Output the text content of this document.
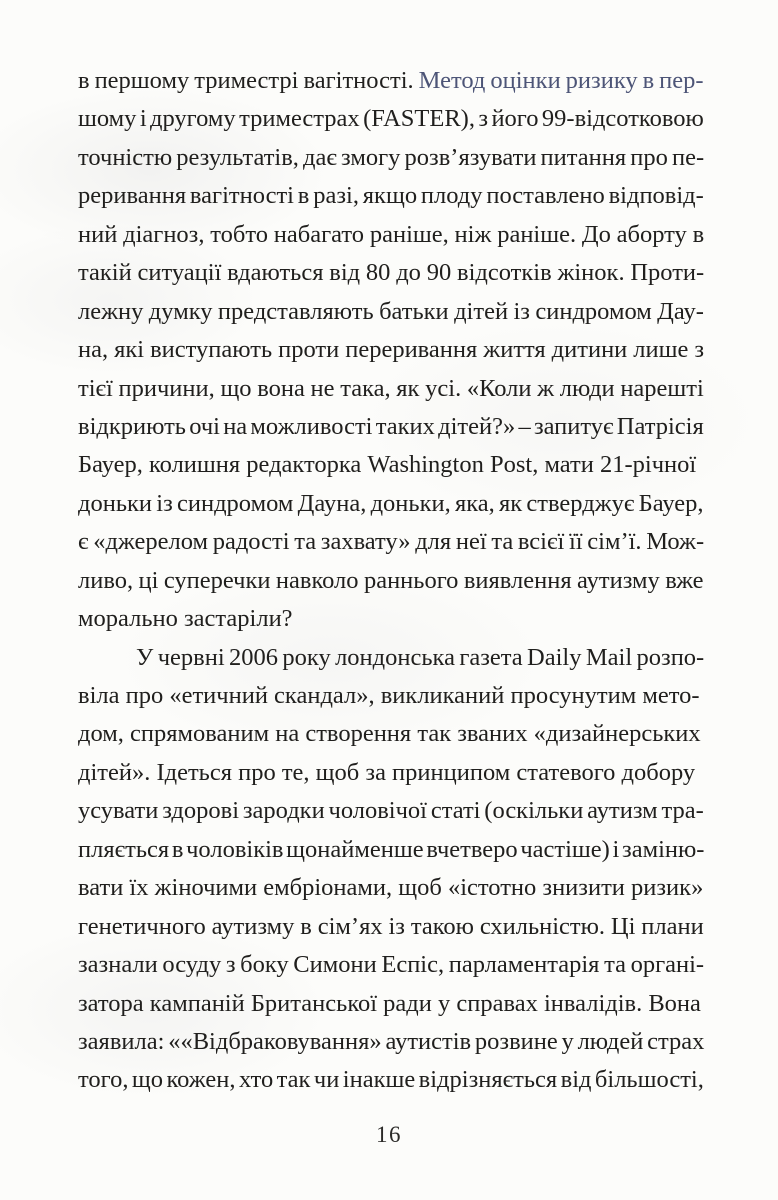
в першому триместрі вагітності. Метод оцінки ризику в пер-
шому і другому триместрах (FASTER), з його 99-відсотковою
точністю результатів, дає змогу розв’язувати питання про пе-
реривання вагітності в разі, якщо плоду поставлено відповід-
ний діагноз, тобто набагато раніше, ніж раніше. До аборту в
такій ситуації вдаються від 80 до 90 відсотків жінок. Проти-
лежну думку представляють батьки дітей із синдромом Дау-
на, які виступають проти переривання життя дитини лише з
тієї причини, що вона не така, як усі. «Коли ж люди нарешті
відкриють очі на можливості таких дітей?» – запитує Патрісія
Бауер, колишня редакторка Washington Post, мати 21-річної
доньки із синдромом Дауна, доньки, яка, як стверджує Бауер,
є «джерелом радості та захвату» для неї та всієї її сім’ї. Мож-
ливо, ці суперечки навколо раннього виявлення аутизму вже
морально застаріли?
У червні 2006 року лондонська газета Daily Mail розпо-
віла про «етичний скандал», викликаний просунутим мето-
дом, спрямованим на створення так званих «дизайнерських
дітей». Ідеться про те, щоб за принципом статевого добору
усувати здорові зародки чоловічої статі (оскільки аутизм тра-
пляється в чоловіків щонайменше вчетверо частіше) і заміню-
вати їх жіночими ембріонами, щоб «істотно знизити ризик»
генетичного аутизму в сім’ях із такою схильністю. Ці плани
зазнали осуду з боку Симони Еспіс, парламентарія та органі-
затора кампаній Британської ради у справах інвалідів. Вона
заявила: ««Відбраковування» аутистів розвине у людей страх
того, що кожен, хто так чи інакше відрізняється від більшості,
16
